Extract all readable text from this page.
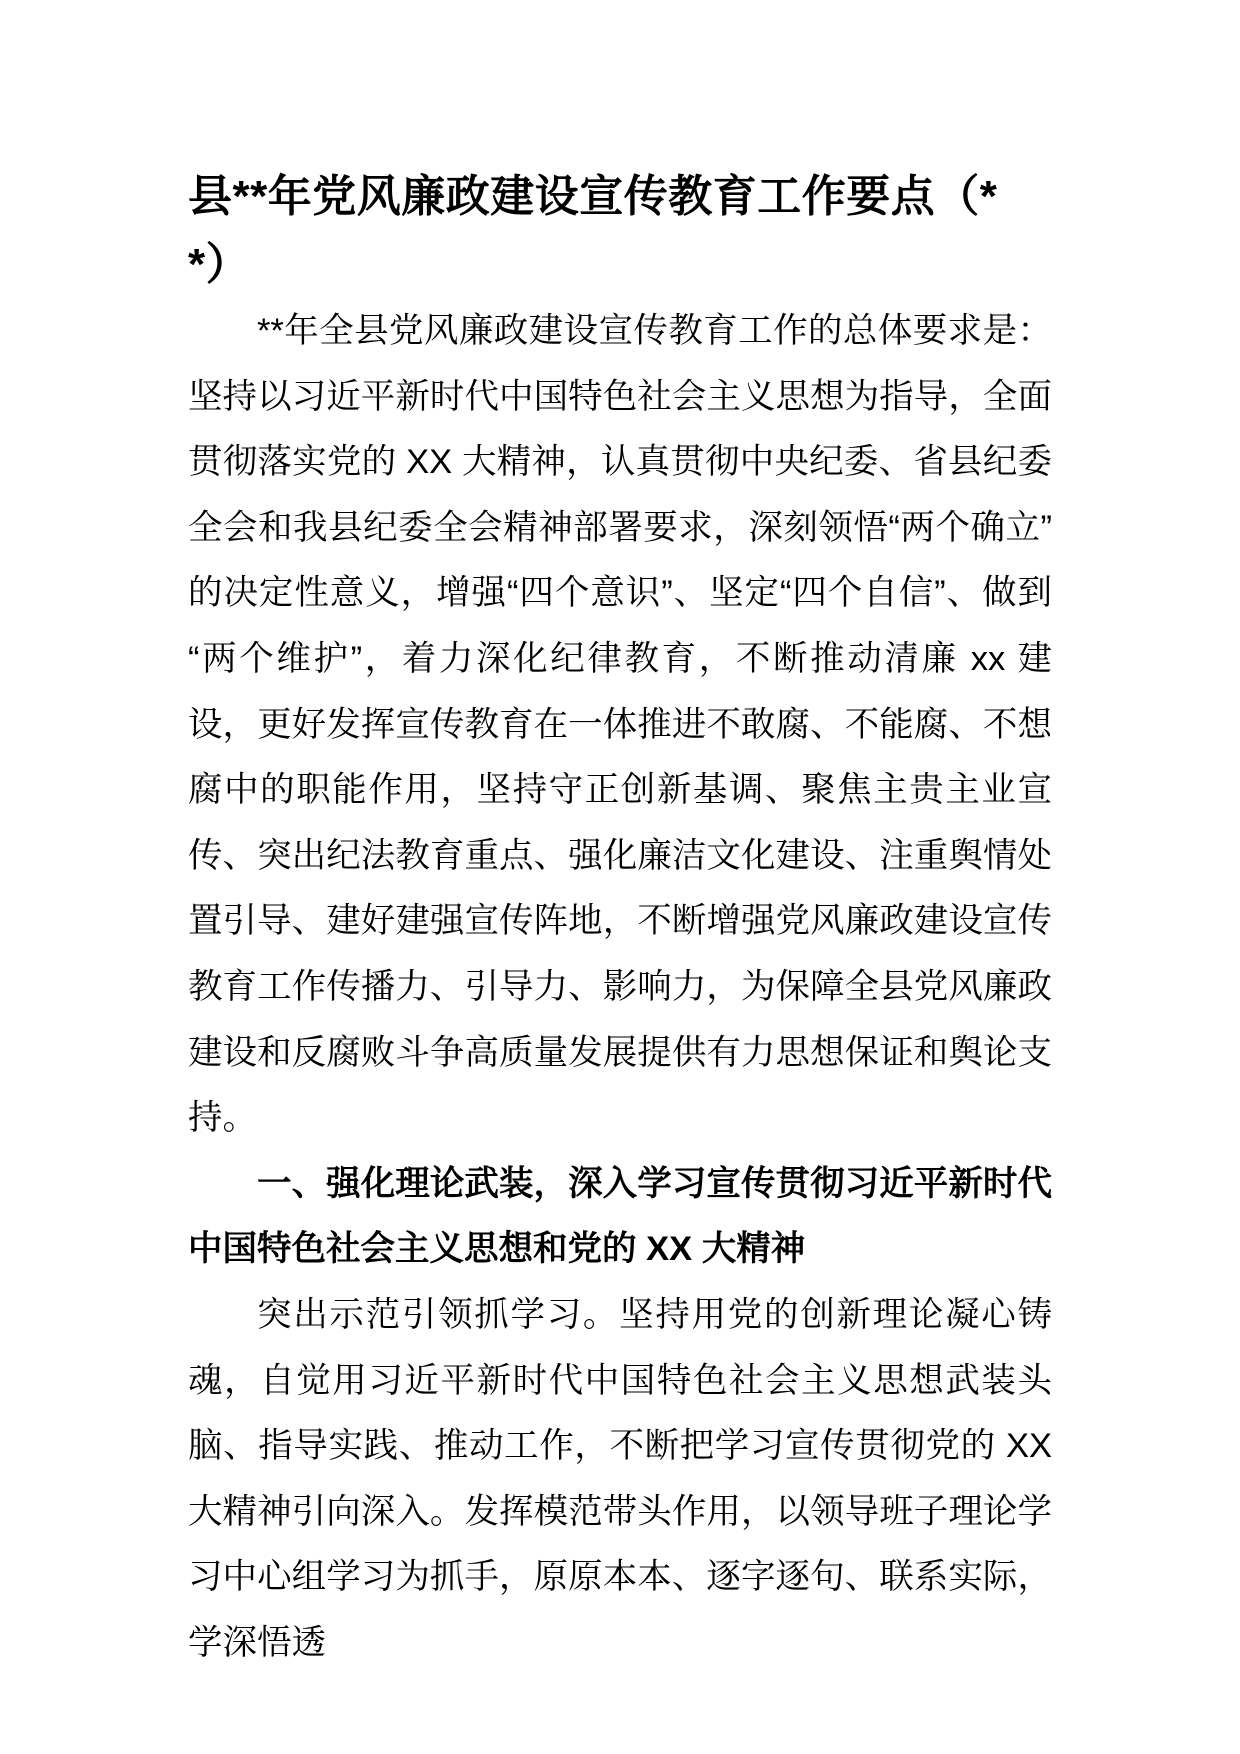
县**年党风廉政建设宣传教育工作要点（*
*）

**年全县党风廉政建设宣传教育工作的总体要求是：坚持以习近平新时代中国特色社会主义思想为指导，全面贯彻落实党的 XX 大精神，认真贯彻中央纪委、省县纪委全会和我县纪委全会精神部署要求，深刻领悟“两个确立”的决定性意义，增强“四个意识”、坚定“四个自信”、做到“两个维护”，着力深化纪律教育，不断推动清廉 xx 建设，更好发挥宣传教育在一体推进不敢腐、不能腐、不想腐中的职能作用，坚持守正创新基调、聚焦主贵主业宣传、突出纪法教育重点、强化廉洁文化建设、注重舆情处置引导、建好建强宣传阵地，不断增强党风廉政建设宣传教育工作传播力、引导力、影响力，为保障全县党风廉政建设和反腐败斗争高质量发展提供有力思想保证和舆论支持。

一、强化理论武装，深入学习宣传贯彻习近平新时代中国特色社会主义思想和党的 XX 大精神

突出示范引领抓学习。坚持用党的创新理论凝心铸魂，自觉用习近平新时代中国特色社会主义思想武装头脑、指导实践、推动工作，不断把学习宣传贯彻党的 XX 大精神引向深入。发挥模范带头作用，以领导班子理论学习中心组学习为抓手，原原本本、逐字逐句、联系实际，学深悟透
